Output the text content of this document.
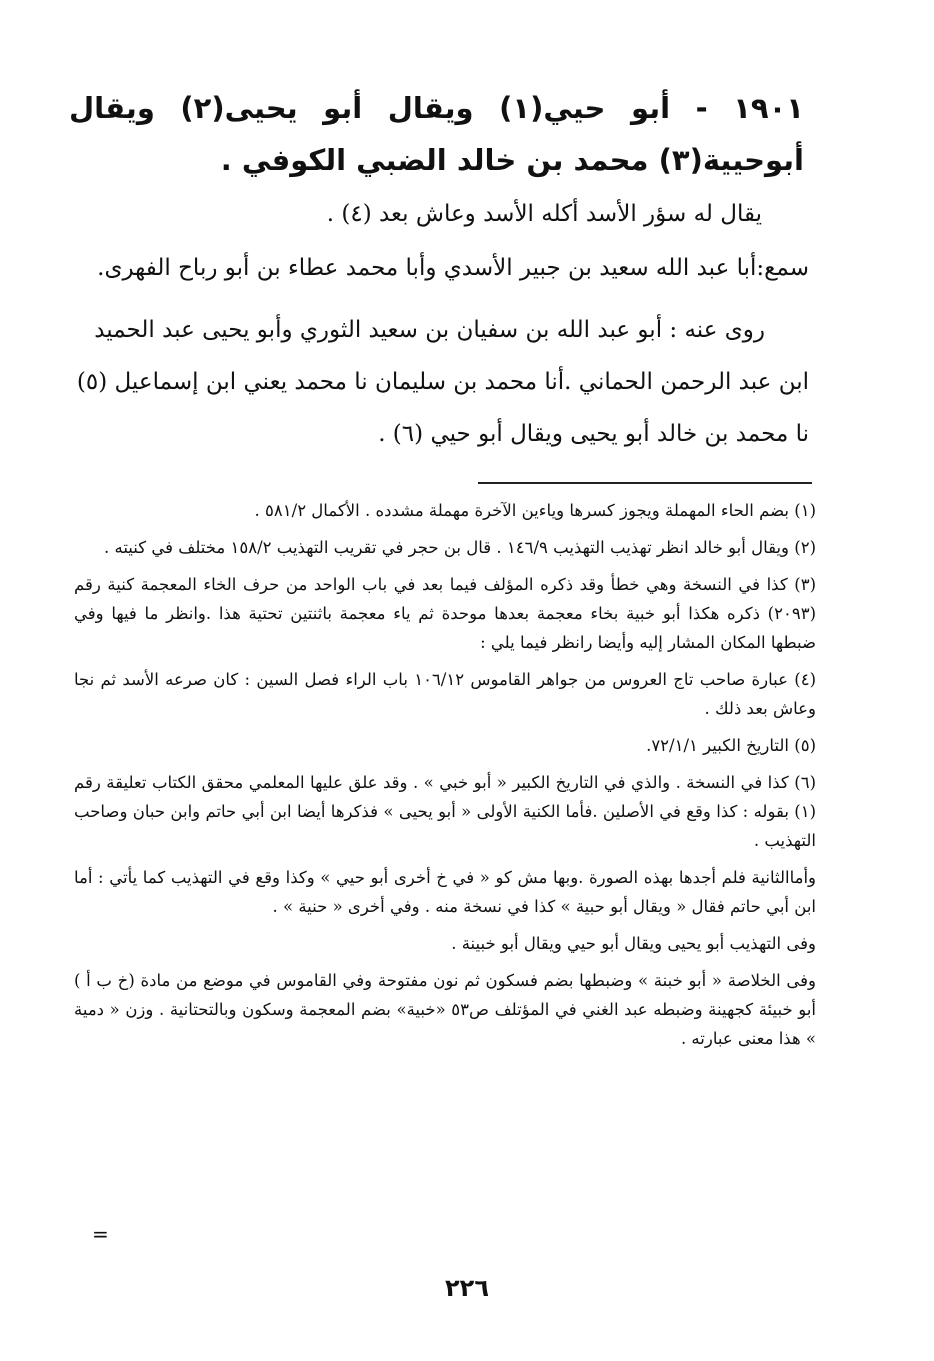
١٩٠١ - أبو حيي(١) ويقال أبو يحيى(٢) ويقال أبوحيية(٣) محمد بن خالد الضبي الكوفي .
يقال له سؤر الأسد أكله الأسد وعاش بعد (٤) .
سمع:أبا عبد الله سعيد بن جبير الأسدي وأبا محمد عطاء بن أبو رباح الفهرى.
روى عنه : أبو عبد الله بن سفيان بن سعيد الثوري وأبو يحيى عبد الحميد
ابن عبد الرحمن الحماني .أنا محمد بن سليمان نا محمد يعني ابن إسماعيل (٥)
نا محمد بن خالد أبو يحيى ويقال أبو حيي (٦) .

(١) بضم الحاء المهملة ويجوز كسرها وياءين الآخرة مهملة مشدده . الأكمال ٥٨١/٢ .

(٢) ويقال أبو خالد انظر تهذيب التهذيب ١٤٦/٩ . قال بن حجر في تقريب التهذيب ١٥٨/٢ مختلف في كنيته .

(٣) كذا في النسخة وهي خطأ وقد ذكره المؤلف فيما بعد في باب الواحد من حرف الخاء المعجمة كنية رقم (٢٠٩٣) ذكره هكذا أبو خبية بخاء معجمة بعدها موحدة ثم ياء معجمة باثنتين تحتية هذا .وانظر ما فيها وفي ضبطها المكان المشار إليه وأيضا رانظر فيما يلي :

(٤) عبارة صاحب تاج العروس من جواهر القاموس ١٠٦/١٢ باب الراء فصل السين : كان صرعه الأسد ثم نجا وعاش بعد ذلك .

(٥) التاريخ الكبير ٧٢/١/١.

(٦) كذا في النسخة . والذي في التاريخ الكبير « أبو خبي » . وقد علق عليها المعلمي محقق الكتاب تعليقة رقم (١) بقوله : كذا وقع في الأصلين .فأما الكنية الأولى « أبو يحيى » فذكرها أيضا ابن أبي حاتم وابن حبان وصاحب التهذيب .

وأماالثانية فلم أجدها بهذه الصورة .وبها مش كو « في خ أخرى أبو حيي » وكذا وقع في التهذيب كما يأتي : أما ابن أبي حاتم فقال « ويقال أبو حبية » كذا في نسخة منه . وفي أخرى « حنية » .

وفى التهذيب أبو يحيى ويقال أبو حيي ويقال أبو خبينة .

وفى الخلاصة « أبو خبنة » وضبطها بضم فسكون ثم نون مفتوحة وفي القاموس في موضع من مادة (خ ب أ ) أبو خبيئة كجهينة وضبطه عبد الغني في المؤتلف ص٥٣ «خبية» بضم المعجمة وسكون وبالتحتانية . وزن « دمية » هذا معنى عبارته .

=
٢٢٦
